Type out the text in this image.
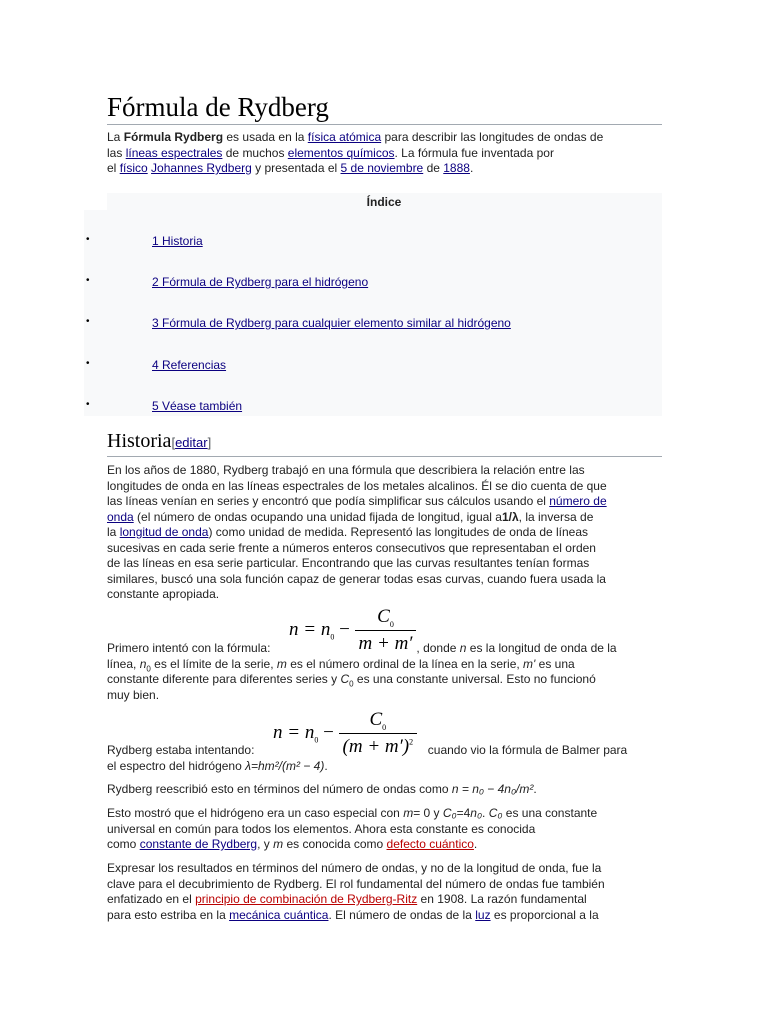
Fórmula de Rydberg

La Fórmula Rydberg es usada en la física atómica para describir las longitudes de ondas de
las líneas espectrales de muchos elementos químicos. La fórmula fue inventada por
el físico Johannes Rydberg y presentada el 5 de noviembre de 1888.

Índice
•	1 Historia
•	2 Fórmula de Rydberg para el hidrógeno
•	3 Fórmula de Rydberg para cualquier elemento similar al hidrógeno
•	4 Referencias
•	5 Véase también
Historia[editar]

En los años de 1880, Rydberg trabajó en una fórmula que describiera la relación entre las
longitudes de onda en las líneas espectrales de los metales alcalinos. Él se dio cuenta de que
las líneas venían en series y encontró que podía simplificar sus cálculos usando el número de
onda (el número de ondas ocupando una unidad fijada de longitud, igual a1/λ, la inversa de
la longitud de onda) como unidad de medida. Representó las longitudes de onda de líneas
sucesivas en cada serie frente a números enteros consecutivos que representaban el orden
de las líneas en esa serie particular. Encontrando que las curvas resultantes tenían formas
similares, buscó una sola función capaz de generar todas esas curvas, cuando fuera usada la
constante apropiada.

$n = n_0 - \frac{C_0}{m + m'}$

Primero intentó con la fórmula:	, donde n es la longitud de onda de la
línea, $n_0$ es el límite de la serie, m es el número ordinal de la línea en la serie, m' es una
constante diferente para diferentes series y $C_0$ es una constante universal. Esto no funcionó
muy bien.

$n = n_0 - \frac{C_0}{(m + m')^2}$

Rydberg estaba intentando:	cuando vio la fórmula de Balmer para
el espectro del hidrógeno λ=hm²/(m² − 4).

Rydberg reescribió esto en términos del número de ondas como n = n₀ − 4n₀/m².

Esto mostró que el hidrógeno era un caso especial con m= 0 y C₀=4n₀. C₀ es una constante
universal en común para todos los elementos. Ahora esta constante es conocida
como constante de Rydberg, y m es conocida como defecto cuántico.

Expresar los resultados en términos del número de ondas, y no de la longitud de onda, fue la
clave para el decubrimiento de Rydberg. El rol fundamental del número de ondas fue también
enfatizado en el principio de combinación de Rydberg-Ritz en 1908. La razón fundamental
para esto estriba en la mecánica cuántica. El número de ondas de la luz es proporcional a la
